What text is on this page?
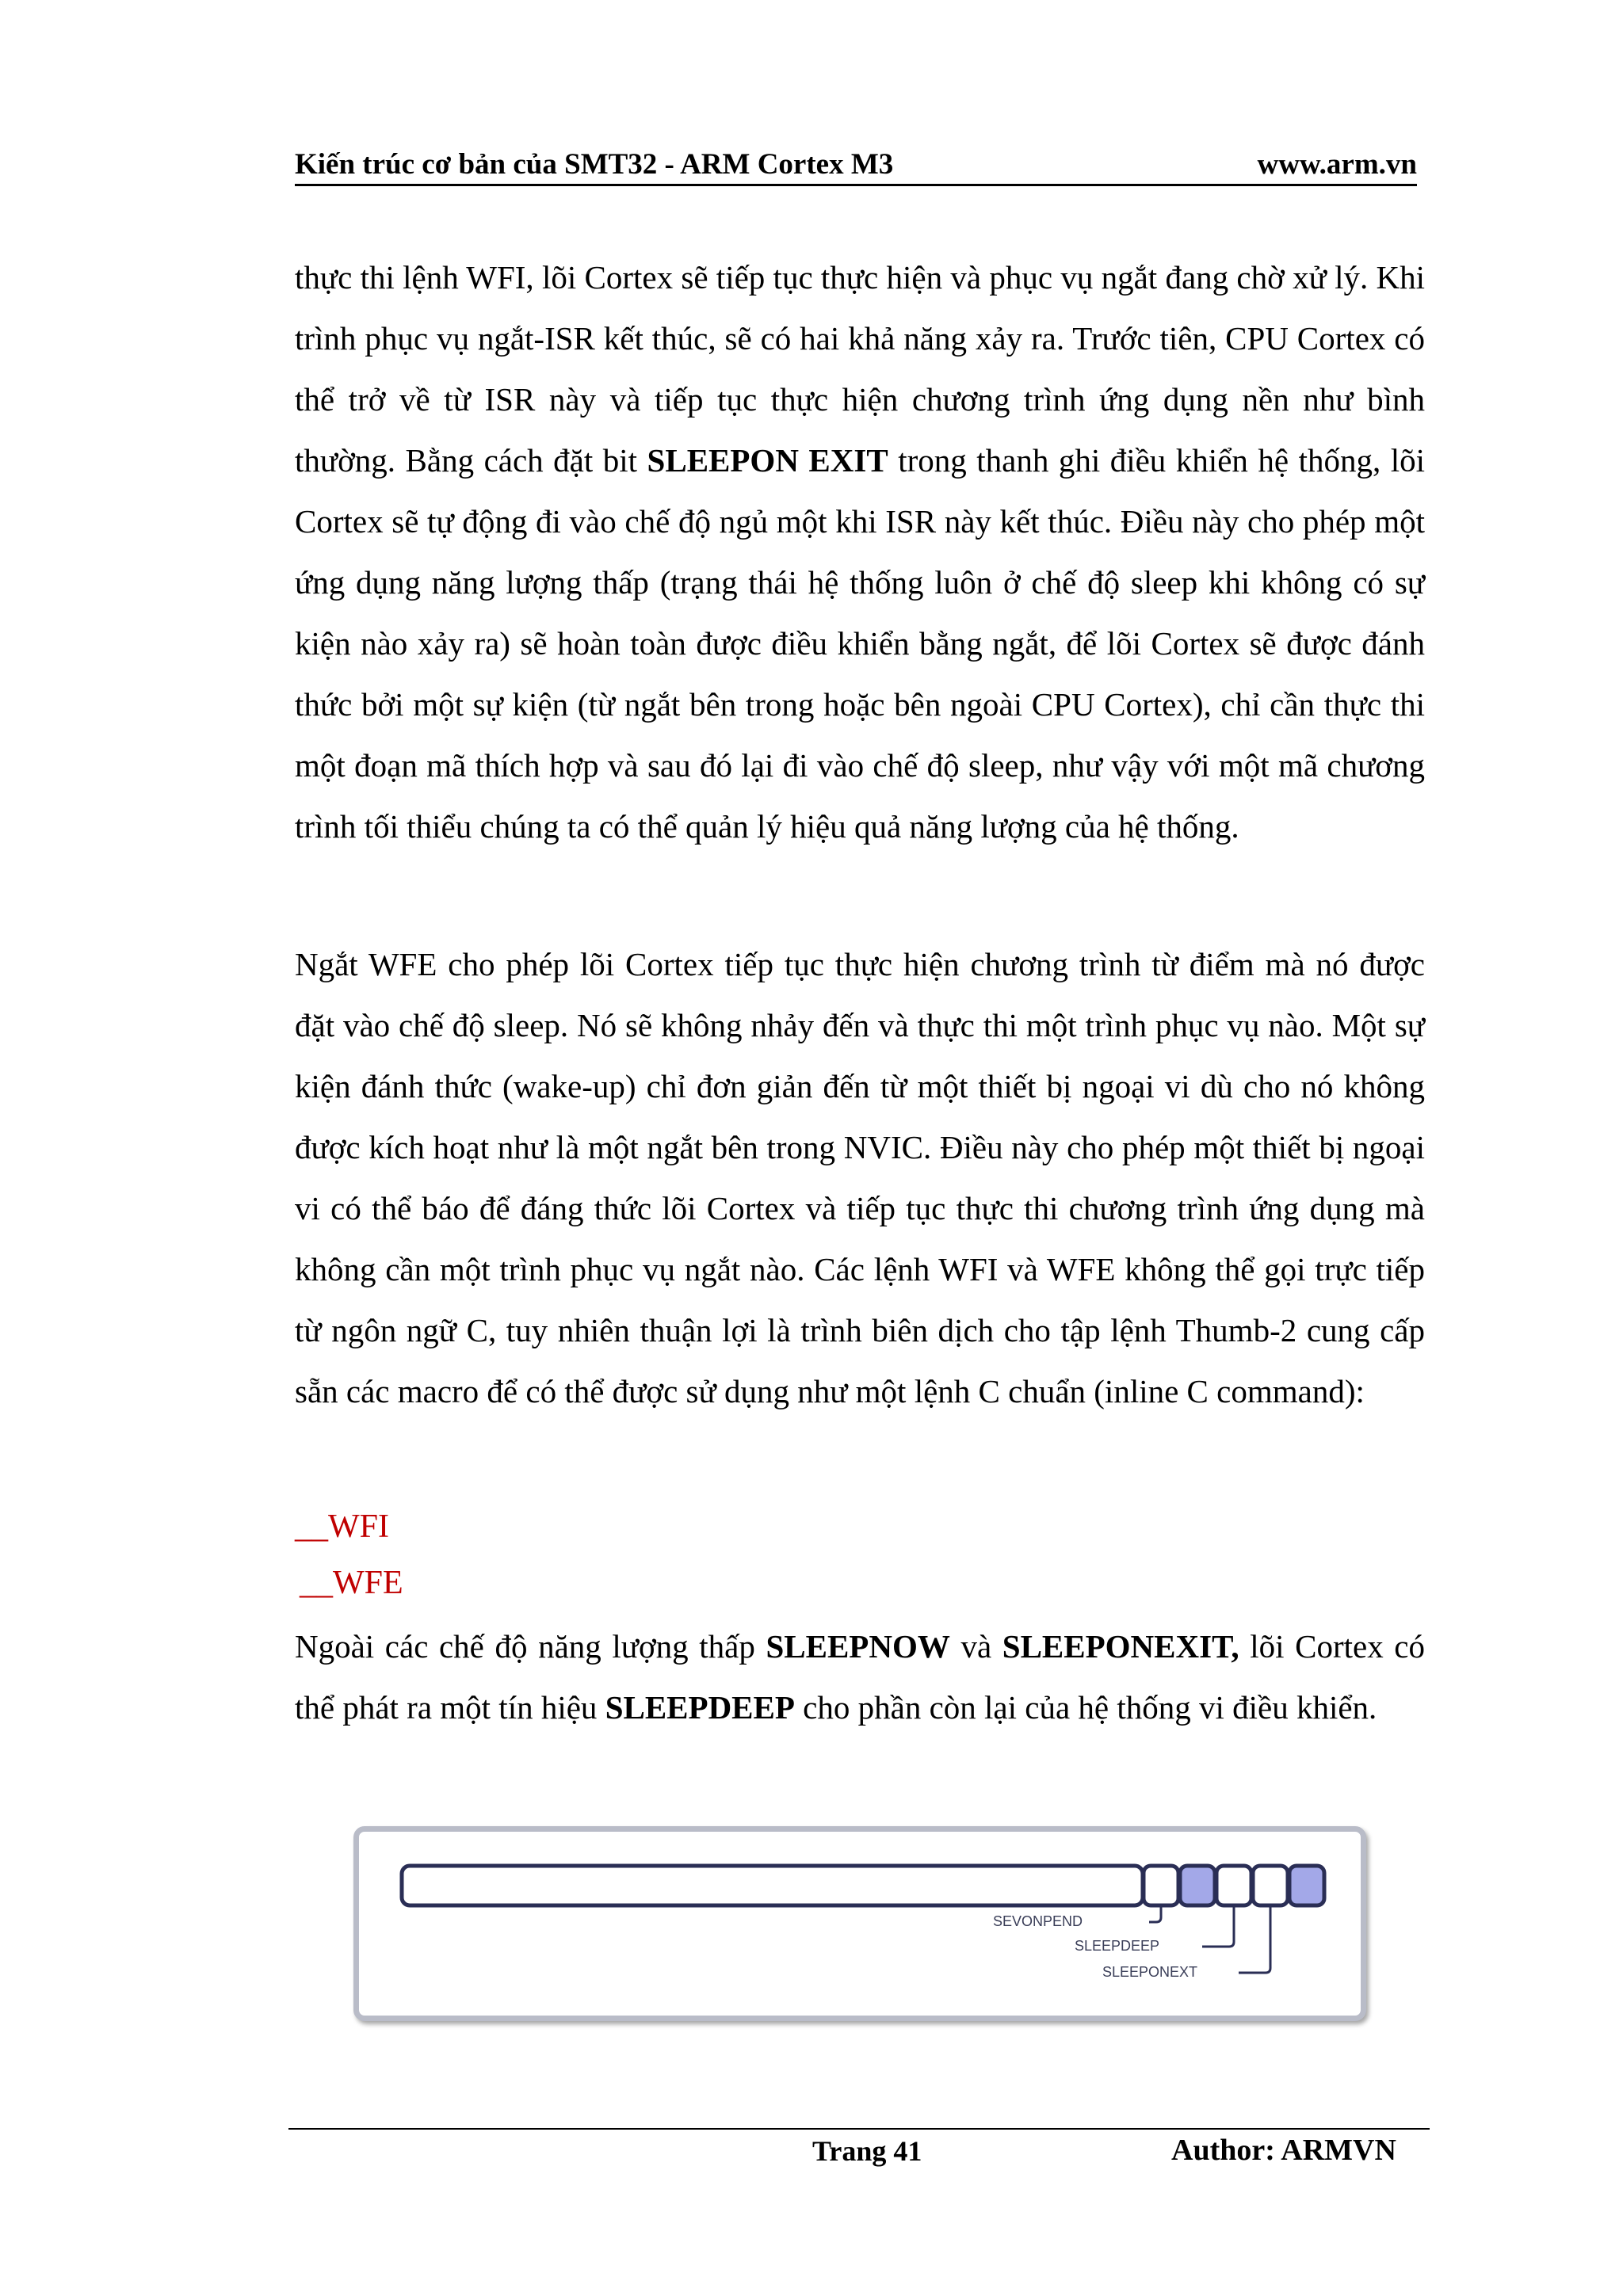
Kiến trúc cơ bản của SMT32 - ARM Cortex M3	www.arm.vn
thực thi lệnh WFI, lõi Cortex sẽ tiếp tục thực hiện và phục vụ ngắt đang chờ xử lý. Khi trình phục vụ ngắt-ISR kết thúc, sẽ có hai khả năng xảy ra. Trước tiên, CPU Cortex có thể trở về từ ISR này và tiếp tục thực hiện chương trình ứng dụng nền như bình thường. Bằng cách đặt bit SLEEPON EXIT trong thanh ghi điều khiển hệ thống, lõi Cortex sẽ tự động đi vào chế độ ngủ một khi ISR này kết thúc. Điều này cho phép một ứng dụng năng lượng thấp (trạng thái hệ thống luôn ở chế độ sleep khi không có sự kiện nào xảy ra) sẽ hoàn toàn được điều khiển bằng ngắt, để lõi Cortex sẽ được đánh thức bởi một sự kiện (từ ngắt bên trong hoặc bên ngoài CPU Cortex), chỉ cần thực thi một đoạn mã thích hợp và sau đó lại đi vào chế độ sleep, như vậy với một mã chương trình tối thiểu chúng ta có thể quản lý hiệu quả năng lượng của hệ thống.
Ngắt WFE cho phép lõi Cortex tiếp tục thực hiện chương trình từ điểm mà nó được đặt vào chế độ sleep. Nó sẽ không nhảy đến và thực thi một trình phục vụ nào. Một sự kiện đánh thức (wake-up) chỉ đơn giản đến từ một thiết bị ngoại vi dù cho nó không được kích hoạt như là một ngắt bên trong NVIC. Điều này cho phép một thiết bị ngoại vi có thể báo để đáng thức lõi Cortex và tiếp tục thực thi chương trình ứng dụng mà không cần một trình phục vụ ngắt nào. Các lệnh WFI và WFE không thể gọi trực tiếp từ ngôn ngữ C, tuy nhiên thuận lợi là trình biên dịch cho tập lệnh Thumb-2 cung cấp sẵn các macro để có thể được sử dụng như một lệnh C chuẩn (inline C command):
__WFI
__WFE
Ngoài các chế độ năng lượng thấp SLEEPNOW và SLEEPONEXIT, lõi Cortex có thể phát ra một tín hiệu SLEEPDEEP cho phần còn lại của hệ thống vi điều khiển.
SEVONPEND
SLEEPDEEP
SLEEPONEXT
Trang 41	Author: ARMVN
